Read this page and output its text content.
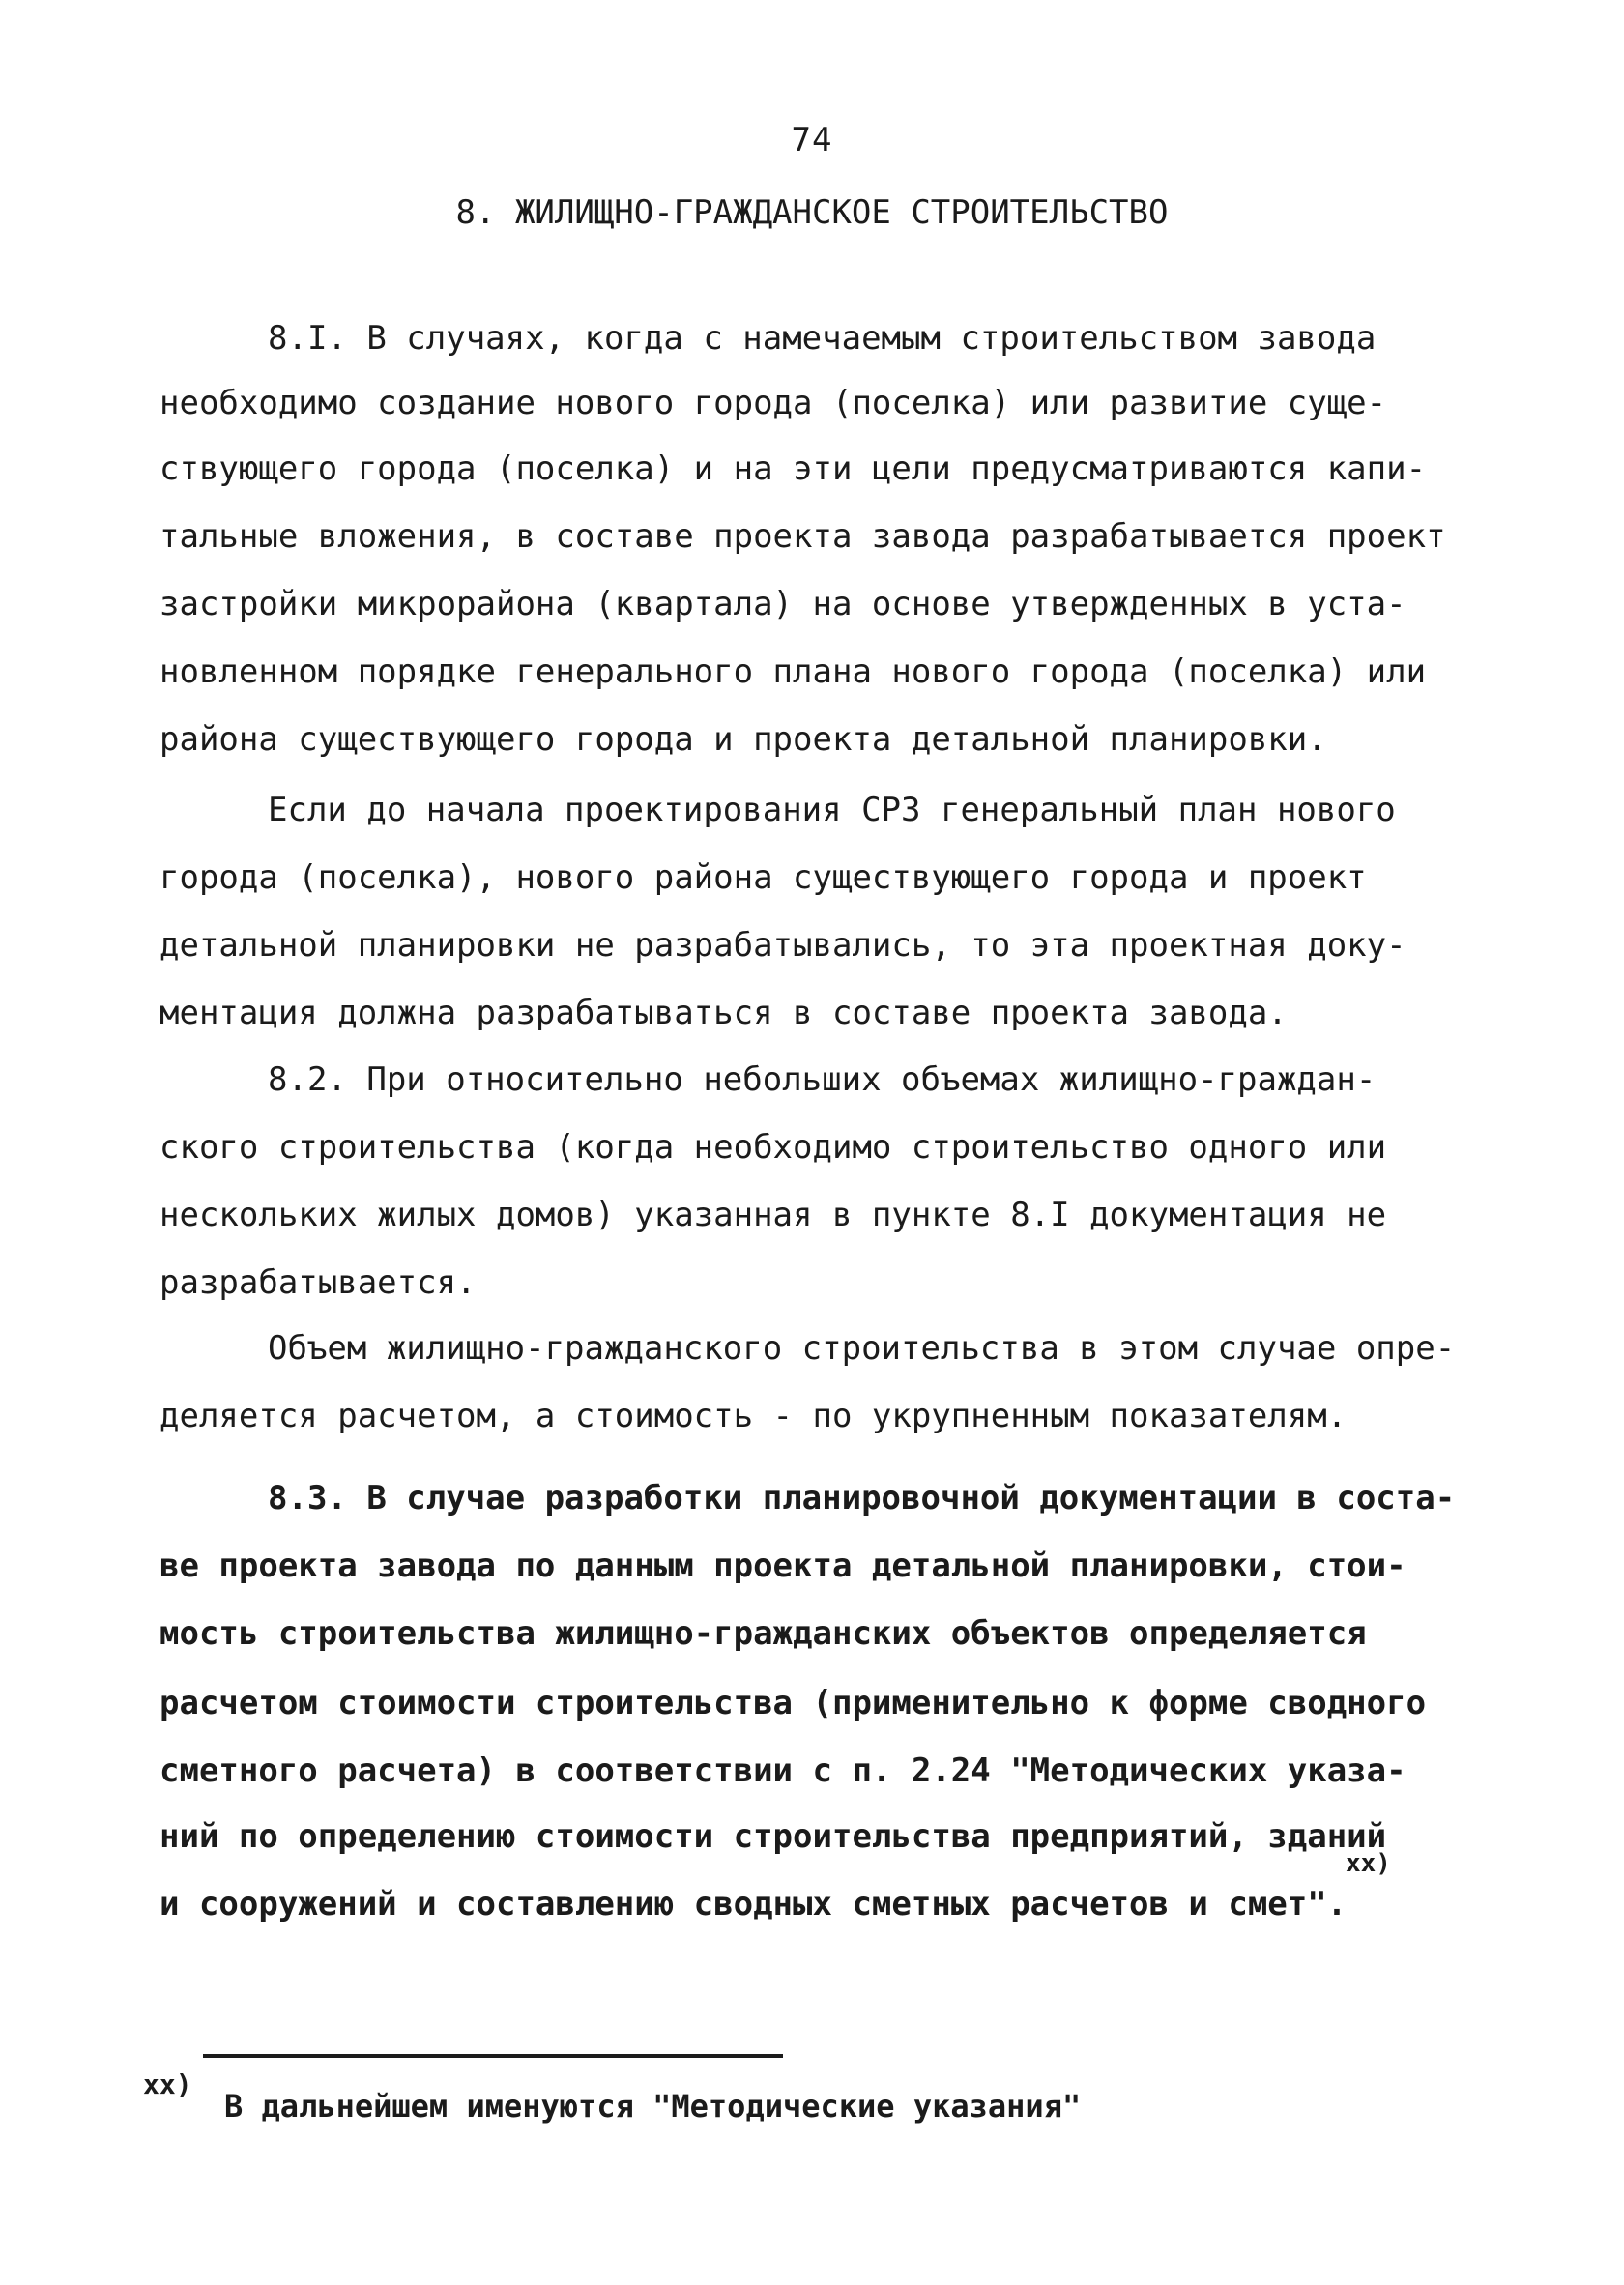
74
8. ЖИЛИЩНО-ГРАЖДАНСКОЕ СТРОИТЕЛЬСТВО
8.I. В случаях, когда с намечаемым строительством завода
необходимо создание нового города (поселка) или развитие суще-
ствующего города (поселка) и на эти цели предусматриваются капи-
тальные вложения, в составе проекта завода разрабатывается проект
застройки микрорайона (квартала) на основе утвержденных в уста-
новленном порядке генерального плана нового города (поселка) или
района существующего города и проекта детальной планировки.
Если до начала проектирования СРЗ генеральный план нового
города (поселка), нового района существующего города и проект
детальной планировки не разрабатывались, то эта проектная доку-
ментация должна разрабатываться в составе проекта завода.
8.2. При относительно небольших объемах жилищно-граждан-
ского строительства (когда необходимо строительство одного или
нескольких жилых домов) указанная в пункте 8.I документация не
разрабатывается.
Объем жилищно-гражданского строительства в этом случае опре-
деляется расчетом, а стоимость - по укрупненным показателям.
8.3. В случае разработки планировочной документации в соста-
ве проекта завода по данным проекта детальной планировки, стои-
мость строительства жилищно-гражданских объектов определяется
расчетом стоимости строительства (применительно к форме сводного
сметного расчета) в соответствии с п. 2.24 "Методических указа-
ний по определению стоимости строительства предприятий, зданий
и сооружений и составлению сводных сметных расчетов и смет".
xx)
xx)
В дальнейшем именуются "Методические указания"
